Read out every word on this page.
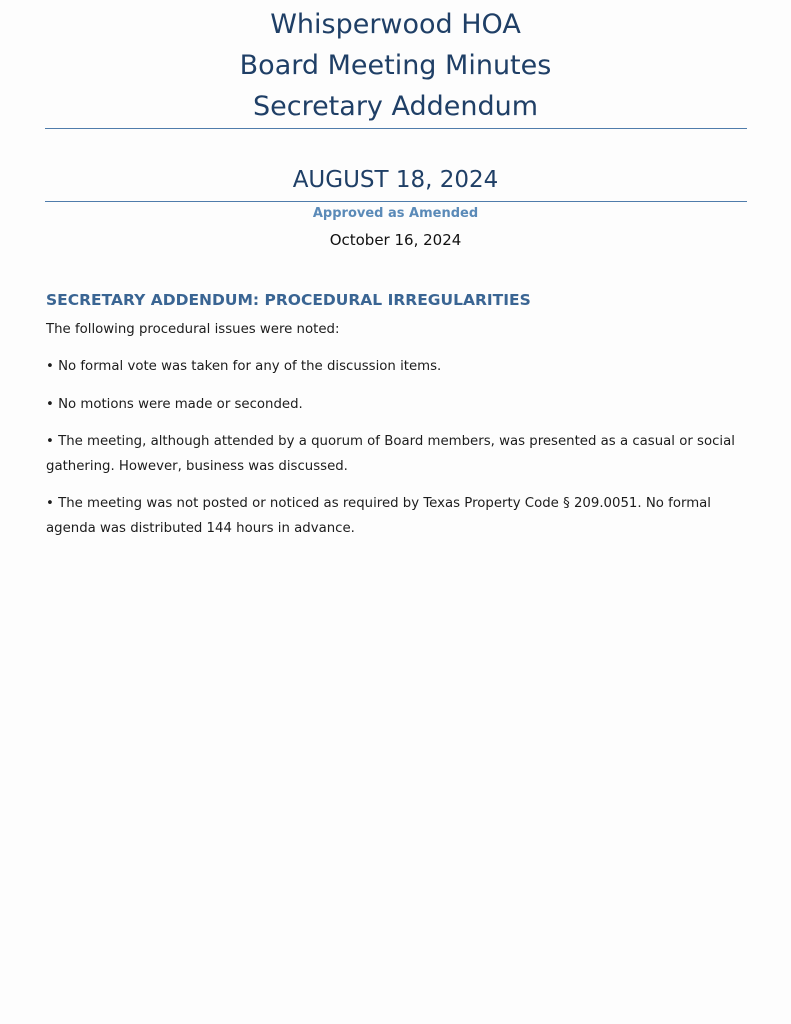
Whisperwood HOA
Board Meeting Minutes
Secretary Addendum
AUGUST 18, 2024
Approved as Amended
October 16, 2024
SECRETARY ADDENDUM: PROCEDURAL IRREGULARITIES
The following procedural issues were noted:
• No formal vote was taken for any of the discussion items.
• No motions were made or seconded.
• The meeting, although attended by a quorum of Board members, was presented as a casual or social gathering. However, business was discussed.
• The meeting was not posted or noticed as required by Texas Property Code § 209.0051. No formal agenda was distributed 144 hours in advance.
